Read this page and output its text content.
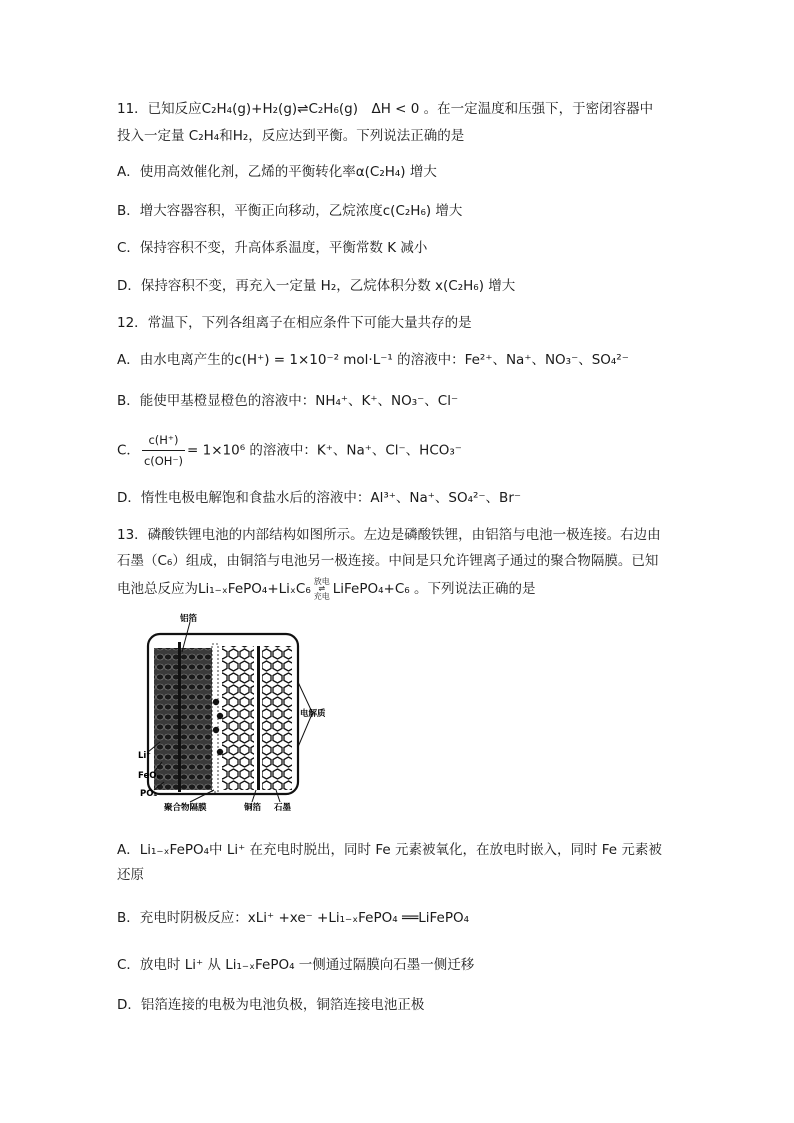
11．已知反应C₂H₄(g)+H₂(g)⇌C₂H₆(g)　ΔH < 0 。在一定温度和压强下，于密闭容器中
投入一定量 C₂H₄和H₂，反应达到平衡。下列说法正确的是
A．使用高效催化剂，乙烯的平衡转化率α(C₂H₄) 增大
B．增大容器容积，平衡正向移动，乙烷浓度c(C₂H₆) 增大
C．保持容积不变，升高体系温度，平衡常数 K 减小
D．保持容积不变，再充入一定量 H₂，乙烷体积分数 x(C₂H₆) 增大
12．常温下，下列各组离子在相应条件下可能大量共存的是
A．由水电离产生的c(H⁺) = 1×10⁻² mol·L⁻¹ 的溶液中：Fe²⁺、Na⁺、NO₃⁻、SO₄²⁻
B．能使甲基橙显橙色的溶液中：NH₄⁺、K⁺、NO₃⁻、Cl⁻
C． $\frac{c(H^+)}{c(OH^-)} = 1\times 10^6$ 的溶液中：K⁺、Na⁺、Cl⁻、HCO₃⁻
D．惰性电极电解饱和食盐水后的溶液中：Al³⁺、Na⁺、SO₄²⁻、Br⁻
13．磷酸铁锂电池的内部结构如图所示。左边是磷酸铁锂，由铝箔与电池一极连接。右边由
石墨（C₆）组成，由铜箔与电池另一极连接。中间是只允许锂离子通过的聚合物隔膜。已知
电池总反应为Li₁₋ₓFePO₄+LiₓC₆ 放电
⇌
充电 LiFePO₄+C₆ 。下列说法正确的是
铝箔
电解质
Li⁺
FeO₆
PO₄
聚合物隔膜	铜箔 石墨
A．Li₁₋ₓFePO₄中 Li⁺ 在充电时脱出，同时 Fe 元素被氧化，在放电时嵌入，同时 Fe 元素被
还原
B．充电时阴极反应：xLi⁺ +xe⁻ +Li₁₋ₓFePO₄ ══LiFePO₄
C．放电时 Li⁺ 从 Li₁₋ₓFePO₄ 一侧通过隔膜向石墨一侧迁移
D．铝箔连接的电极为电池负极，铜箔连接电池正极
